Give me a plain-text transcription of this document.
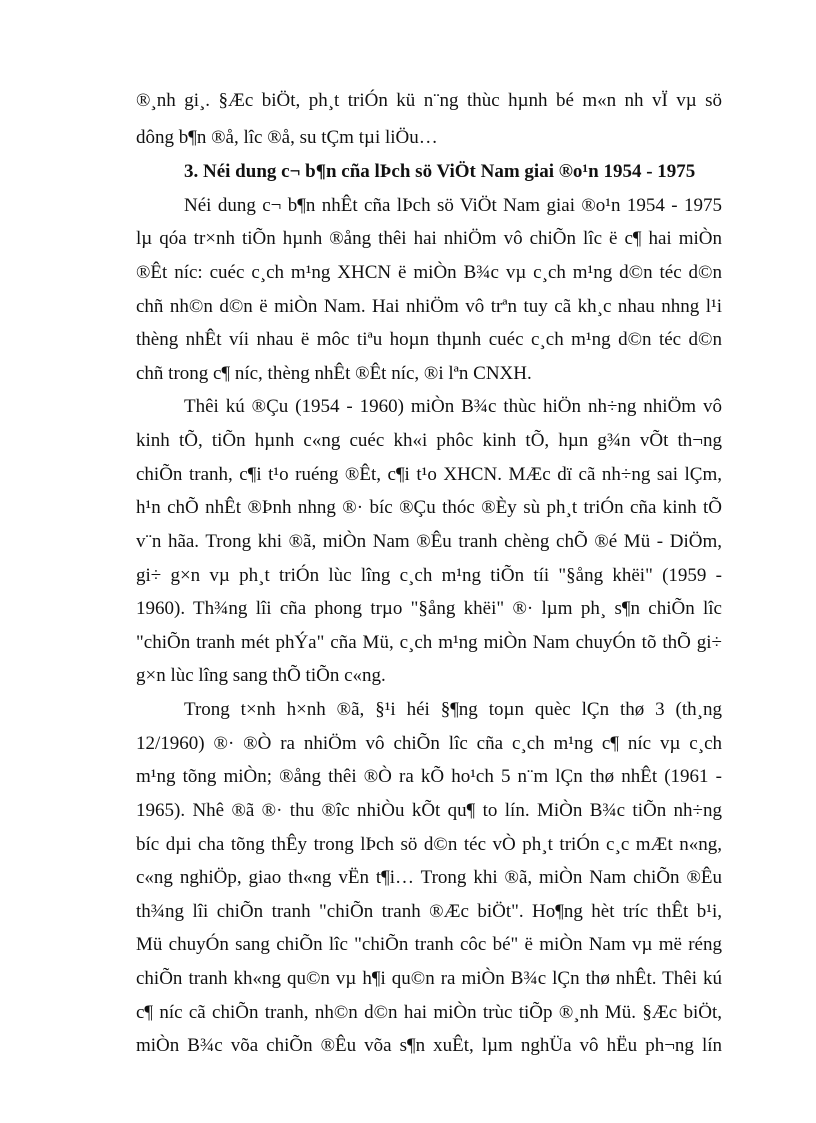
®¸nh gi¸. §Æc biÖt, ph¸t triÓn kü n¨ng thùc hµnh bé m«n nh vÏ vµ sö
dông b¶n ®å, lîc ®å, su tÇm tµi liÖu…
3. Néi dung c¬ b¶n cña lÞch sö ViÖt Nam giai ®o¹n 1954 - 1975
Néi dung c¬ b¶n nhÊt cña lÞch sö ViÖt Nam giai ®o¹n 1954 - 1975
lµ qóa tr×nh tiÕn hµnh ®ång thêi hai nhiÖm vô chiÕn lîc ë c¶ hai miÒn
®Êt níc: cuéc c¸ch m¹ng XHCN ë miÒn B¾c vµ c¸ch m¹ng d©n téc d©n
chñ nh©n d©n ë miÒn Nam. Hai nhiÖm vô trªn tuy cã kh¸c nhau nhng l¹i
thèng nhÊt víi nhau ë môc tiªu hoµn thµnh cuéc c¸ch m¹ng d©n téc d©n
chñ trong c¶ níc, thèng nhÊt ®Êt níc, ®i lªn CNXH.
Thêi kú ®Çu (1954 - 1960) miÒn B¾c thùc hiÖn nh÷ng nhiÖm vô
kinh tÕ, tiÕn hµnh c«ng cuéc kh«i phôc kinh tÕ, hµn g¾n vÕt th¬ng
chiÕn tranh, c¶i t¹o ruéng ®Êt, c¶i t¹o XHCN. MÆc dï cã nh÷ng sai lÇm,
h¹n chÕ nhÊt ®Þnh nhng ®· bíc ®Çu thóc ®Èy sù ph¸t triÓn cña kinh tÕ
v¨n hãa. Trong khi ®ã, miÒn Nam ®Êu tranh chèng chÕ ®é Mü - DiÖm,
gi÷ g×n vµ ph¸t triÓn lùc lîng c¸ch m¹ng tiÕn tíi "§ång khëi" (1959 -
1960). Th¾ng lîi cña phong trµo "§ång khëi" ®· lµm ph¸ s¶n chiÕn lîc
"chiÕn tranh mét phÝa" cña Mü, c¸ch m¹ng miÒn Nam chuyÓn tõ thÕ gi÷
g×n lùc lîng sang thÕ tiÕn c«ng.
Trong t×nh h×nh ®ã, §¹i héi §¶ng toµn quèc lÇn thø 3 (th¸ng
12/1960) ®· ®Ò ra nhiÖm vô chiÕn lîc cña c¸ch m¹ng c¶ níc vµ c¸ch
m¹ng tõng miÒn; ®ång thêi ®Ò ra kÕ ho¹ch 5 n¨m lÇn thø nhÊt (1961 -
1965). Nhê ®ã ®· thu ®îc nhiÒu kÕt qu¶ to lín. MiÒn B¾c tiÕn nh÷ng
bíc dµi cha tõng thÊy trong lÞch sö d©n téc vÒ ph¸t triÓn c¸c mÆt n«ng,
c«ng nghiÖp, giao th«ng vËn t¶i… Trong khi ®ã, miÒn Nam chiÕn ®Êu
th¾ng lîi chiÕn tranh "chiÕn tranh ®Æc biÖt". Ho¶ng hèt tríc thÊt b¹i,
Mü chuyÓn sang chiÕn lîc "chiÕn tranh côc bé" ë miÒn Nam vµ më réng
chiÕn tranh kh«ng qu©n vµ h¶i qu©n ra miÒn B¾c lÇn thø nhÊt. Thêi kú
c¶ níc cã chiÕn tranh, nh©n d©n hai miÒn trùc tiÕp ®¸nh Mü. §Æc biÖt,
miÒn B¾c võa chiÕn ®Êu võa s¶n xuÊt, lµm nghÜa vô hËu ph¬ng lín
